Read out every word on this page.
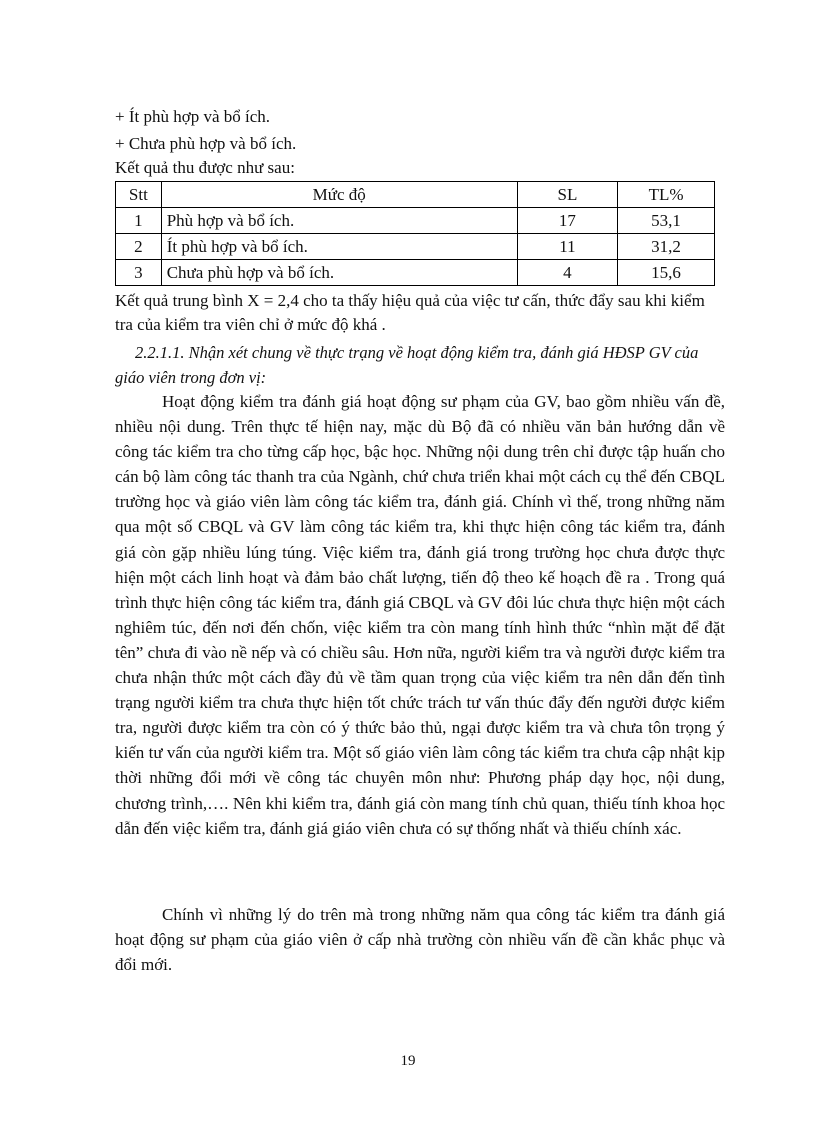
+ Ít phù hợp và bổ ích.
+ Chưa phù hợp và bổ ích.
Kết quả thu được như sau:
Stt	Mức độ	SL	TL%
1	Phù hợp và bổ ích.	17	53,1
2	Ít phù hợp và bổ ích.	11	31,2
3	Chưa phù hợp và bổ ích.	4	15,6

Kết quả trung bình X = 2,4 cho ta thấy hiệu quả của việc tư cấn, thức đẩy sau khi kiểm tra của kiểm tra viên chỉ ở mức độ khá .

2.2.1.1. Nhận xét chung về thực trạng về hoạt động kiểm tra, đánh giá HĐSP GV của giáo viên trong đơn vị:

Hoạt động kiểm tra đánh giá hoạt động sư phạm của GV, bao gồm nhiều vấn đề, nhiều nội dung. Trên thực tế hiện nay, mặc dù Bộ đã có nhiều văn bản hướng dẫn về công tác kiểm tra cho từng cấp học, bậc học. Những nội dung trên chỉ được tập huấn cho cán bộ làm công tác thanh tra của Ngành, chứ chưa triển khai một cách cụ thể đến CBQL trường học và giáo viên làm công tác kiểm tra, đánh giá. Chính vì thế, trong những năm qua một số CBQL và GV làm công tác kiểm tra, khi thực hiện công tác kiểm tra, đánh giá còn gặp nhiều lúng túng. Việc kiểm tra, đánh giá trong trường học chưa được thực hiện một cách linh hoạt và đảm bảo chất lượng, tiến độ theo kế hoạch đề ra . Trong quá trình thực hiện công tác kiểm tra, đánh giá CBQL và GV đôi lúc chưa thực hiện một cách nghiêm túc, đến nơi đến chốn, việc kiểm tra còn mang tính hình thức “nhìn mặt để đặt tên” chưa đi vào nề nếp và có chiều sâu. Hơn nữa, người kiểm tra và người được kiểm tra chưa nhận thức một cách đầy đủ về tầm quan trọng của việc kiểm tra nên dẫn đến tình trạng người kiểm tra chưa thực hiện tốt chức trách tư vấn thúc đẩy đến người được kiểm tra, người được kiểm tra còn có ý thức bảo thủ, ngại được kiểm tra và chưa tôn trọng ý kiến tư vấn của người kiểm tra. Một số giáo viên làm công tác kiểm tra chưa cập nhật kịp thời những đổi mới về công tác chuyên môn như: Phương pháp dạy học, nội dung, chương trình,…. Nên khi kiểm tra, đánh giá còn mang tính chủ quan, thiếu tính khoa học dẫn đến việc kiểm tra, đánh giá giáo viên chưa có sự thống nhất và thiếu chính xác.

Chính vì những lý do trên mà trong những năm qua công tác kiểm tra đánh giá hoạt động sư phạm của giáo viên ở cấp nhà trường còn nhiều vấn đề cần khắc phục và đổi mới.

19
